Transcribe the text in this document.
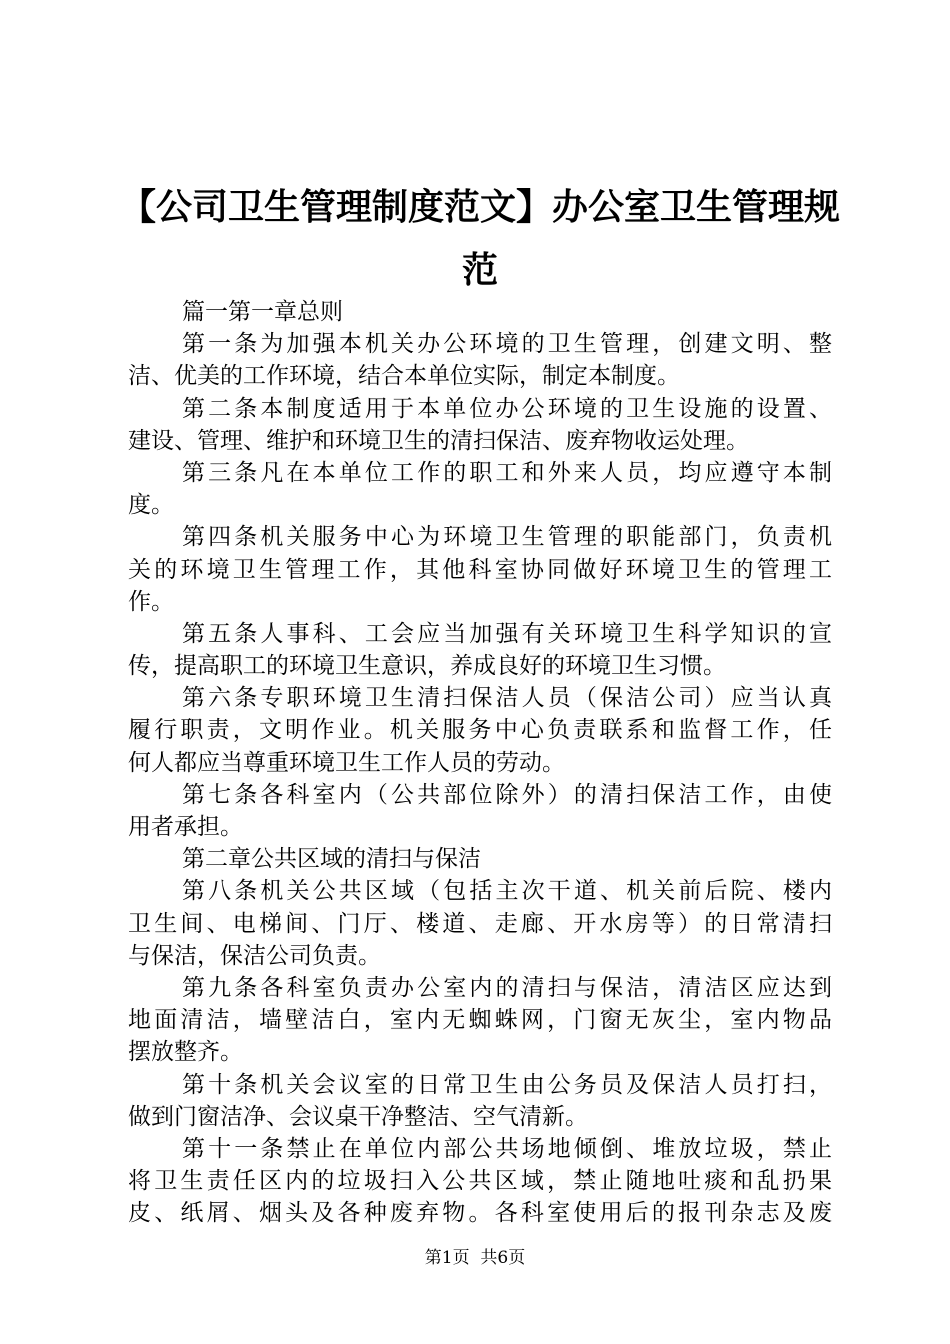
【公司卫生管理制度范文】办公室卫生管理规
范
篇一第一章总则
第一条为加强本机关办公环境的卫生管理，创建文明、整
洁、优美的工作环境，结合本单位实际，制定本制度。
第二条本制度适用于本单位办公环境的卫生设施的设置、
建设、管理、维护和环境卫生的清扫保洁、废弃物收运处理。
第三条凡在本单位工作的职工和外来人员，均应遵守本制
度。
第四条机关服务中心为环境卫生管理的职能部门，负责机
关的环境卫生管理工作，其他科室协同做好环境卫生的管理工
作。
第五条人事科、工会应当加强有关环境卫生科学知识的宣
传，提高职工的环境卫生意识，养成良好的环境卫生习惯。
第六条专职环境卫生清扫保洁人员（保洁公司）应当认真
履行职责，文明作业。机关服务中心负责联系和监督工作，任
何人都应当尊重环境卫生工作人员的劳动。
第七条各科室内（公共部位除外）的清扫保洁工作，由使
用者承担。
第二章公共区域的清扫与保洁
第八条机关公共区域（包括主次干道、机关前后院、楼内
卫生间、电梯间、门厅、楼道、走廊、开水房等）的日常清扫
与保洁，保洁公司负责。
第九条各科室负责办公室内的清扫与保洁，清洁区应达到
地面清洁，墙壁洁白，室内无蜘蛛网，门窗无灰尘，室内物品
摆放整齐。
第十条机关会议室的日常卫生由公务员及保洁人员打扫，
做到门窗洁净、会议桌干净整洁、空气清新。
第十一条禁止在单位内部公共场地倾倒、堆放垃圾，禁止
将卫生责任区内的垃圾扫入公共区域，禁止随地吐痰和乱扔果
皮、纸屑、烟头及各种废弃物。各科室使用后的报刊杂志及废
第1页  共6页
